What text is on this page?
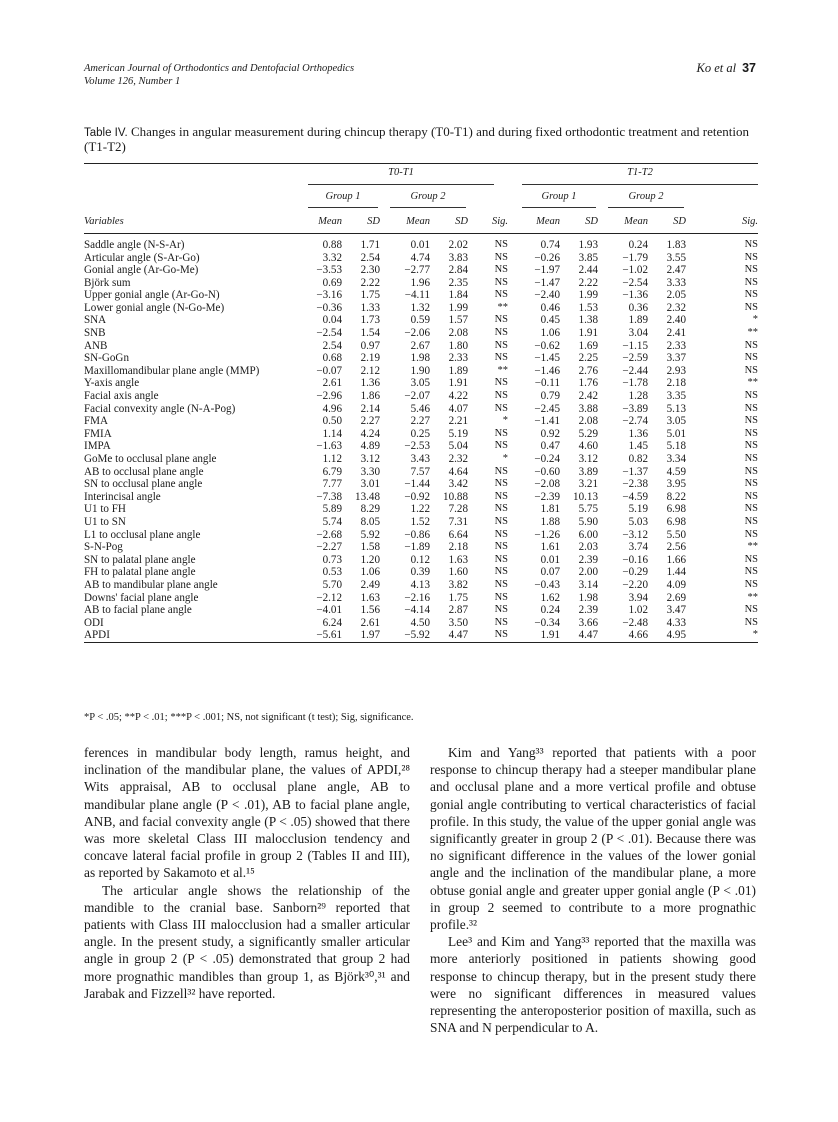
American Journal of Orthodontics and Dentofacial Orthopedics
Volume 126, Number 1
Ko et al 37
Table IV. Changes in angular measurement during chincup therapy (T0-T1) and during fixed orthodontic treatment and retention (T1-T2)

	T0-T1					T1-T2				

	Group 1		Group 2			Group 1		Group 2		

Variables	Mean	SD	Mean	SD	Sig.	Mean	SD	Mean	SD	Sig.
Saddle angle (N-S-Ar)	0.88	1.71	0.01	2.02	NS	0.74	1.93	0.24	1.83	NS
Articular angle (S-Ar-Go)	3.32	2.54	4.74	3.83	NS	−0.26	3.85	−1.79	3.55	NS
Gonial angle (Ar-Go-Me)	−3.53	2.30	−2.77	2.84	NS	−1.97	2.44	−1.02	2.47	NS
Björk sum	0.69	2.22	1.96	2.35	NS	−1.47	2.22	−2.54	3.33	NS
Upper gonial angle (Ar-Go-N)	−3.16	1.75	−4.11	1.84	NS	−2.40	1.99	−1.36	2.05	NS
Lower gonial angle (N-Go-Me)	−0.36	1.33	1.32	1.99	**	0.46	1.53	0.36	2.32	NS
SNA	0.04	1.73	0.59	1.57	NS	0.45	1.38	1.89	2.40	*
SNB	−2.54	1.54	−2.06	2.08	NS	1.06	1.91	3.04	2.41	**
ANB	2.54	0.97	2.67	1.80	NS	−0.62	1.69	−1.15	2.33	NS
SN-GoGn	0.68	2.19	1.98	2.33	NS	−1.45	2.25	−2.59	3.37	NS
Maxillomandibular plane angle (MMP)	−0.07	2.12	1.90	1.89	**	−1.46	2.76	−2.44	2.93	NS
Y-axis angle	2.61	1.36	3.05	1.91	NS	−0.11	1.76	−1.78	2.18	**
Facial axis angle	−2.96	1.86	−2.07	4.22	NS	0.79	2.42	1.28	3.35	NS
Facial convexity angle (N-A-Pog)	4.96	2.14	5.46	4.07	NS	−2.45	3.88	−3.89	5.13	NS
FMA	0.50	2.27	2.27	2.21	*	−1.41	2.08	−2.74	3.05	NS
FMIA	1.14	4.24	0.25	5.19	NS	0.92	5.29	1.36	5.01	NS
IMPA	−1.63	4.89	−2.53	5.04	NS	0.47	4.60	1.45	5.18	NS
GoMe to occlusal plane angle	1.12	3.12	3.43	2.32	*	−0.24	3.12	0.82	3.34	NS
AB to occlusal plane angle	6.79	3.30	7.57	4.64	NS	−0.60	3.89	−1.37	4.59	NS
SN to occlusal plane angle	7.77	3.01	−1.44	3.42	NS	−2.08	3.21	−2.38	3.95	NS
Interincisal angle	−7.38	13.48	−0.92	10.88	NS	−2.39	10.13	−4.59	8.22	NS
U1 to FH	5.89	8.29	1.22	7.28	NS	1.81	5.75	5.19	6.98	NS
U1 to SN	5.74	8.05	1.52	7.31	NS	1.88	5.90	5.03	6.98	NS
L1 to occlusal plane angle	−2.68	5.92	−0.86	6.64	NS	−1.26	6.00	−3.12	5.50	NS
S-N-Pog	−2.27	1.58	−1.89	2.18	NS	1.61	2.03	3.74	2.56	**
SN to palatal plane angle	0.73	1.20	0.12	1.63	NS	0.01	2.39	−0.16	1.66	NS
FH to palatal plane angle	0.53	1.06	0.39	1.60	NS	0.07	2.00	−0.29	1.44	NS
AB to mandibular plane angle	5.70	2.49	4.13	3.82	NS	−0.43	3.14	−2.20	4.09	NS
Downs' facial plane angle	−2.12	1.63	−2.16	1.75	NS	1.62	1.98	3.94	2.69	**
AB to facial plane angle	−4.01	1.56	−4.14	2.87	NS	0.24	2.39	1.02	3.47	NS
ODI	6.24	2.61	4.50	3.50	NS	−0.34	3.66	−2.48	4.33	NS
APDI	−5.61	1.97	−5.92	4.47	NS	1.91	4.47	4.66	4.95	*
*P < .05; **P < .01; ***P < .001; NS, not significant (t test); Sig, significance.

ferences in mandibular body length, ramus height, and inclination of the mandibular plane, the values of APDI,²⁸ Wits appraisal, AB to occlusal plane angle, AB to mandibular plane angle (P < .01), AB to facial plane angle, ANB, and facial convexity angle (P < .05) showed that there was more skeletal Class III malocclusion tendency and concave lateral facial profile in group 2 (Tables II and III), as reported by Sakamoto et al.¹⁵

The articular angle shows the relationship of the mandible to the cranial base. Sanborn²⁹ reported that patients with Class III malocclusion had a smaller articular angle. In the present study, a significantly smaller articular angle in group 2 (P < .05) demonstrated that group 2 had more prognathic mandibles than group 1, as Björk³⁰,³¹ and Jarabak and Fizzell³² have reported.

Kim and Yang³³ reported that patients with a poor response to chincup therapy had a steeper mandibular plane and occlusal plane and a more vertical profile and obtuse gonial angle contributing to vertical characteristics of facial profile. In this study, the value of the upper gonial angle was significantly greater in group 2 (P < .01). Because there was no significant difference in the values of the lower gonial angle and the inclination of the mandibular plane, a more obtuse gonial angle and greater upper gonial angle (P < .01) in group 2 seemed to contribute to a more prognathic profile.³²

Lee³ and Kim and Yang³³ reported that the maxilla was more anteriorly positioned in patients showing good response to chincup therapy, but in the present study there were no significant differences in measured values representing the anteroposterior position of maxilla, such as SNA and N perpendicular to A.
